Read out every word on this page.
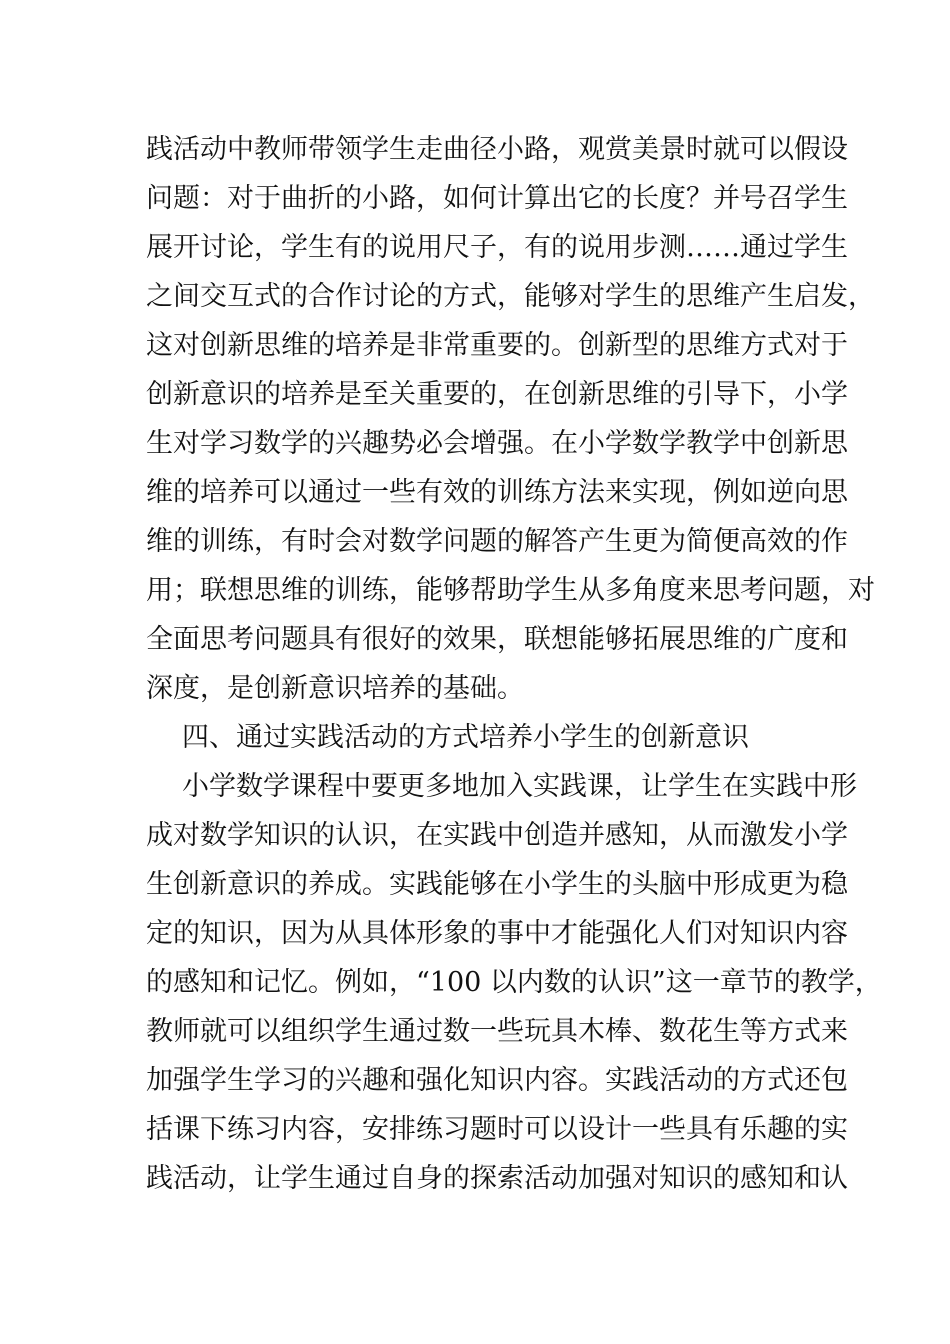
践活动中教师带领学生走曲径小路，观赏美景时就可以假设
问题：对于曲折的小路，如何计算出它的长度？并号召学生
展开讨论，学生有的说用尺子，有的说用步测……通过学生
之间交互式的合作讨论的方式，能够对学生的思维产生启发，
这对创新思维的培养是非常重要的。创新型的思维方式对于
创新意识的培养是至关重要的，在创新思维的引导下，小学
生对学习数学的兴趣势必会增强。在小学数学教学中创新思
维的培养可以通过一些有效的训练方法来实现，例如逆向思
维的训练，有时会对数学问题的解答产生更为简便高效的作
用；联想思维的训练，能够帮助学生从多角度来思考问题，对
全面思考问题具有很好的效果，联想能够拓展思维的广度和
深度，是创新意识培养的基础。
四、通过实践活动的方式培养小学生的创新意识
小学数学课程中要更多地加入实践课，让学生在实践中形
成对数学知识的认识，在实践中创造并感知，从而激发小学
生创新意识的养成。实践能够在小学生的头脑中形成更为稳
定的知识，因为从具体形象的事中才能强化人们对知识内容
的感知和记忆。例如，“100 以内数的认识”这一章节的教学，
教师就可以组织学生通过数一些玩具木棒、数花生等方式来
加强学生学习的兴趣和强化知识内容。实践活动的方式还包
括课下练习内容，安排练习题时可以设计一些具有乐趣的实
践活动，让学生通过自身的探索活动加强对知识的感知和认
